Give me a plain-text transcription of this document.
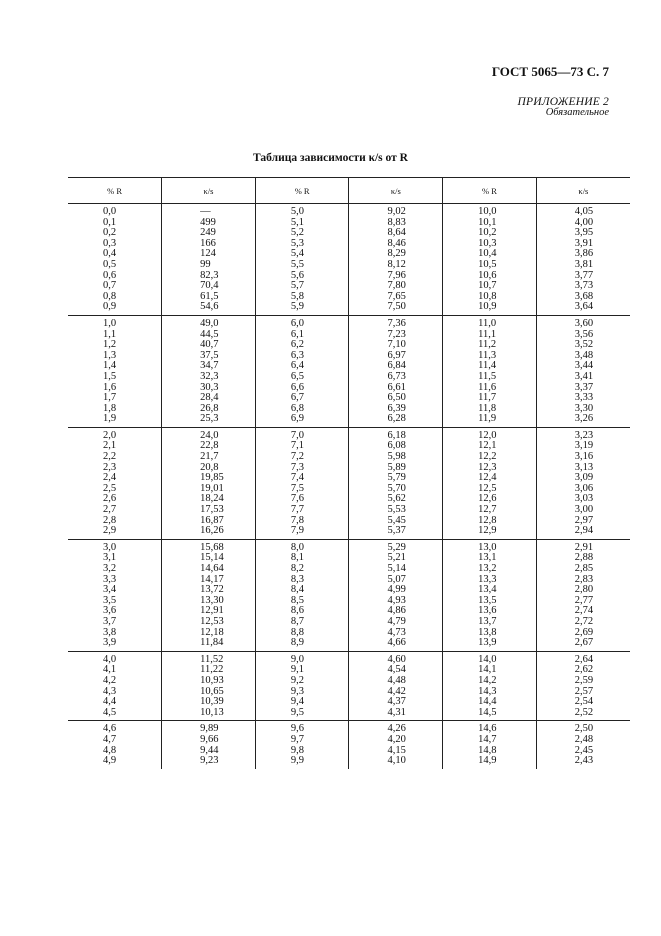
ГОСТ 5065—73 С. 7
ПРИЛОЖЕНИЕ 2
Обязательное
Таблица зависимости κ/s от R
% R	κ/s	% R	κ/s	% R	κ/s
0,0	—	5,0	9,02	10,0	4,05
0,1	499	5,1	8,83	10,1	4,00
0,2	249	5,2	8,64	10,2	3,95
0,3	166	5,3	8,46	10,3	3,91
0,4	124	5,4	8,29	10,4	3,86
0,5	99	5,5	8,12	10,5	3,81
0,6	82,3	5,6	7,96	10,6	3,77
0,7	70,4	5,7	7,80	10,7	3,73
0,8	61,5	5,8	7,65	10,8	3,68
0,9	54,6	5,9	7,50	10,9	3,64
1,0	49,0	6,0	7,36	11,0	3,60
1,1	44,5	6,1	7,23	11,1	3,56
1,2	40,7	6,2	7,10	11,2	3,52
1,3	37,5	6,3	6,97	11,3	3,48
1,4	34,7	6,4	6,84	11,4	3,44
1,5	32,3	6,5	6,73	11,5	3,41
1,6	30,3	6,6	6,61	11,6	3,37
1,7	28,4	6,7	6,50	11,7	3,33
1,8	26,8	6,8	6,39	11,8	3,30
1,9	25,3	6,9	6,28	11,9	3,26
2,0	24,0	7,0	6,18	12,0	3,23
2,1	22,8	7,1	6,08	12,1	3,19
2,2	21,7	7,2	5,98	12,2	3,16
2,3	20,8	7,3	5,89	12,3	3,13
2,4	19,85	7,4	5,79	12,4	3,09
2,5	19,01	7,5	5,70	12,5	3,06
2,6	18,24	7,6	5,62	12,6	3,03
2,7	17,53	7,7	5,53	12,7	3,00
2,8	16,87	7,8	5,45	12,8	2,97
2,9	16,26	7,9	5,37	12,9	2,94
3,0	15,68	8,0	5,29	13,0	2,91
3,1	15,14	8,1	5,21	13,1	2,88
3,2	14,64	8,2	5,14	13,2	2,85
3,3	14,17	8,3	5,07	13,3	2,83
3,4	13,72	8,4	4,99	13,4	2,80
3,5	13,30	8,5	4,93	13,5	2,77
3,6	12,91	8,6	4,86	13,6	2,74
3,7	12,53	8,7	4,79	13,7	2,72
3,8	12,18	8,8	4,73	13,8	2,69
3,9	11,84	8,9	4,66	13,9	2,67
4,0	11,52	9,0	4,60	14,0	2,64
4,1	11,22	9,1	4,54	14,1	2,62
4,2	10,93	9,2	4,48	14,2	2,59
4,3	10,65	9,3	4,42	14,3	2,57
4,4	10,39	9,4	4,37	14,4	2,54
4,5	10,13	9,5	4,31	14,5	2,52
4,6	9,89	9,6	4,26	14,6	2,50
4,7	9,66	9,7	4,20	14,7	2,48
4,8	9,44	9,8	4,15	14,8	2,45
4,9	9,23	9,9	4,10	14,9	2,43
